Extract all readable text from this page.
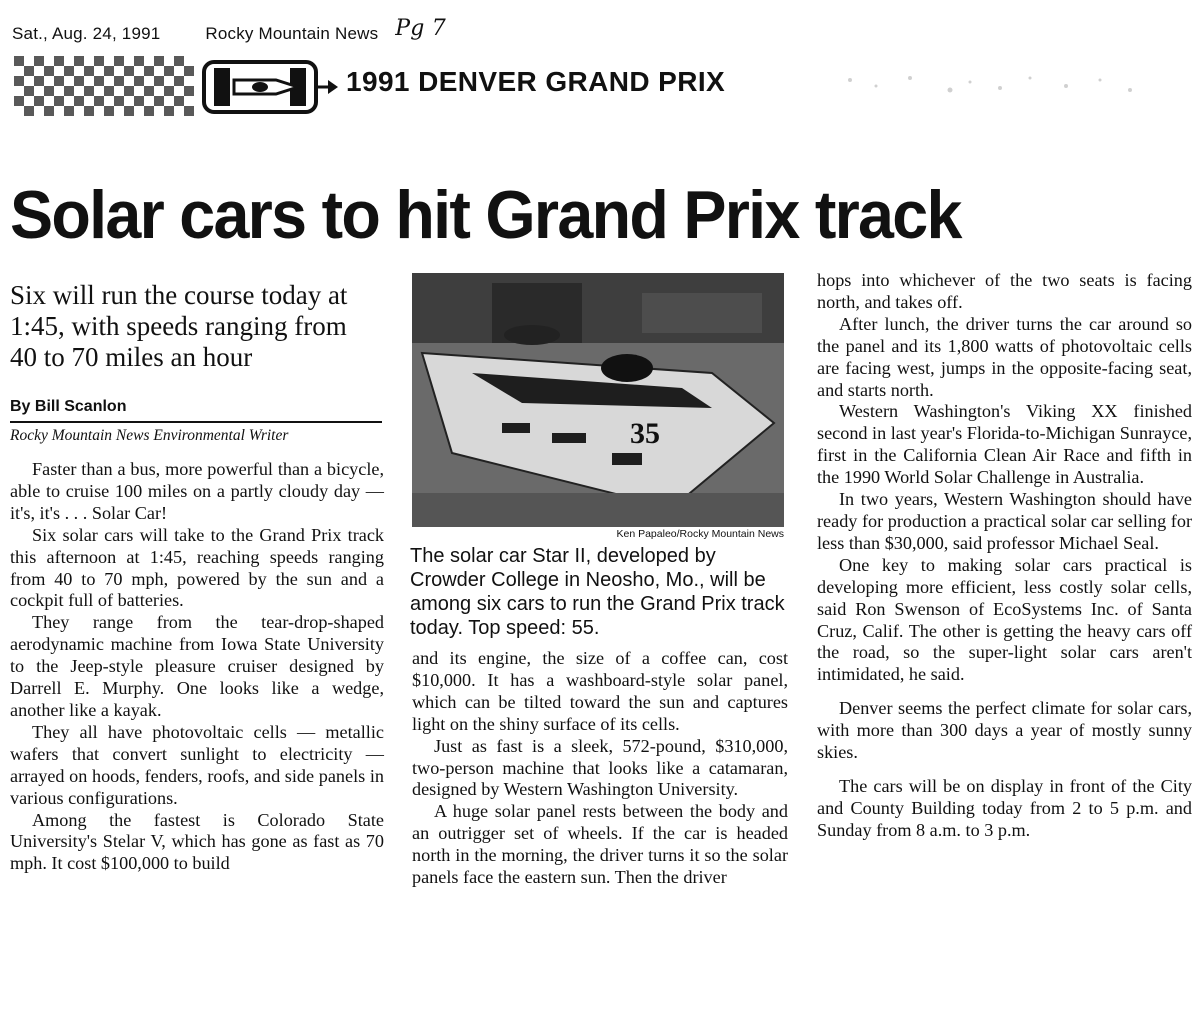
Sat., Aug. 24, 1991	Rocky Mountain News Pg 7
1991 DENVER GRAND PRIX
Solar cars to hit Grand Prix track
Six will run the course today at 1:45, with speeds ranging from 40 to 70 miles an hour
By Bill Scanlon
Rocky Mountain News Environmental Writer

Faster than a bus, more powerful than a bicycle, able to cruise 100 miles on a partly cloudy day — it's, it's . . . Solar Car!

Six solar cars will take to the Grand Prix track this afternoon at 1:45, reaching speeds ranging from 40 to 70 mph, powered by the sun and a cockpit full of batteries.

They range from the tear-drop-shaped aerodynamic machine from Iowa State University to the Jeep-style pleasure cruiser designed by Darrell E. Murphy. One looks like a wedge, another like a kayak.

They all have photovoltaic cells — metallic wafers that convert sunlight to electricity — arrayed on hoods, fenders, roofs, and side panels in various configurations.

Among the fastest is Colorado State University's Stelar V, which has gone as fast as 70 mph. It cost $100,000 to build

35
Ken Papaleo/Rocky Mountain News
The solar car Star II, developed by Crowder College in Neosho, Mo., will be among six cars to run the Grand Prix track today. Top speed: 55.

and its engine, the size of a coffee can, cost $10,000. It has a washboard-style solar panel, which can be tilted toward the sun and captures light on the shiny surface of its cells.

Just as fast is a sleek, 572-pound, $310,000, two-person machine that looks like a catamaran, designed by Western Washington University.

A huge solar panel rests between the body and an outrigger set of wheels. If the car is headed north in the morning, the driver turns it so the solar panels face the eastern sun. Then the driver

hops into whichever of the two seats is facing north, and takes off.

After lunch, the driver turns the car around so the panel and its 1,800 watts of photovoltaic cells are facing west, jumps in the opposite-facing seat, and starts north.

Western Washington's Viking XX finished second in last year's Florida-to-Michigan Sunrayce, first in the California Clean Air Race and fifth in the 1990 World Solar Challenge in Australia.

In two years, Western Washington should have ready for production a practical solar car selling for less than $30,000, said professor Michael Seal.

One key to making solar cars practical is developing more efficient, less costly solar cells, said Ron Swenson of EcoSystems Inc. of Santa Cruz, Calif. The other is getting the heavy cars off the road, so the super-light solar cars aren't intimidated, he said.

Denver seems the perfect climate for solar cars, with more than 300 days a year of mostly sunny skies.

The cars will be on display in front of the City and County Building today from 2 to 5 p.m. and Sunday from 8 a.m. to 3 p.m.
